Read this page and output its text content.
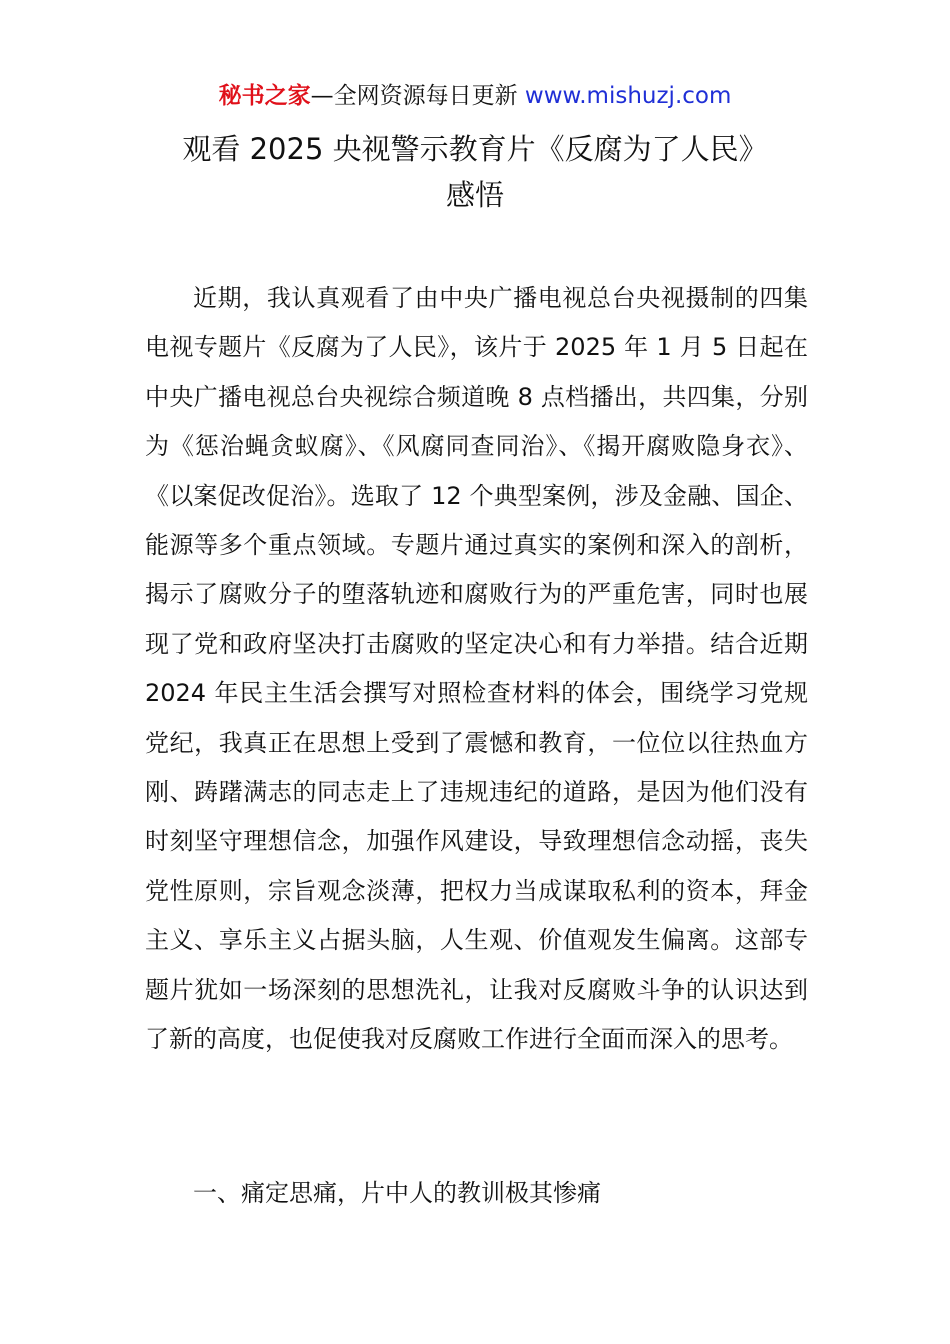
秘书之家—全网资源每日更新 www.mishuzj.com
观看 2025 央视警示教育片《反腐为了人民》
感悟

近期，我认真观看了由中央广播电视总台央视摄制的四集电视专题片《反腐为了人民》，该片于 2025 年 1 月 5 日起在中央广播电视总台央视综合频道晚 8 点档播出，共四集，分别为《惩治蝇贪蚁腐》、《风腐同查同治》、《揭开腐败隐身衣》、《以案促改促治》。选取了 12 个典型案例，涉及金融、国企、能源等多个重点领域。专题片通过真实的案例和深入的剖析，揭示了腐败分子的堕落轨迹和腐败行为的严重危害，同时也展现了党和政府坚决打击腐败的坚定决心和有力举措。结合近期 2024 年民主生活会撰写对照检查材料的体会，围绕学习党规党纪，我真正在思想上受到了震憾和教育，一位位以往热血方刚、踌躇满志的同志走上了违规违纪的道路，是因为他们没有时刻坚守理想信念，加强作风建设，导致理想信念动摇，丧失党性原则，宗旨观念淡薄，把权力当成谋取私利的资本，拜金主义、享乐主义占据头脑，人生观、价值观发生偏离。这部专题片犹如一场深刻的思想洗礼，让我对反腐败斗争的认识达到了新的高度，也促使我对反腐败工作进行全面而深入的思考。

一、痛定思痛，片中人的教训极其惨痛
